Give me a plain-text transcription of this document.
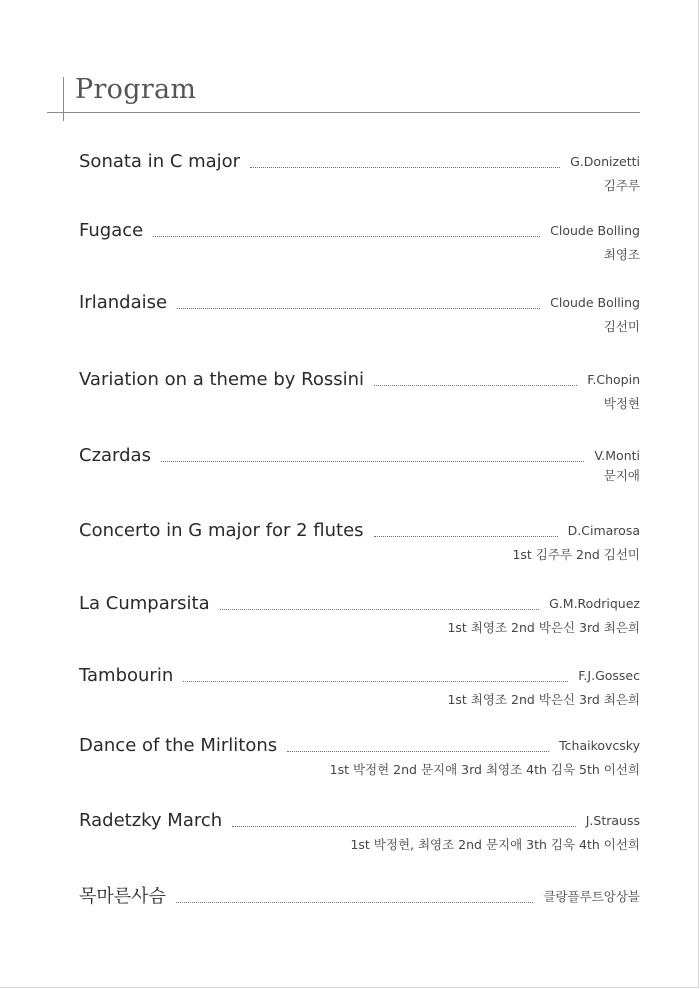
Program
Sonata in C major	G.Donizetti
김주루
Fugace	Cloude Bolling
최영조
Irlandaise	Cloude Bolling
김선미
Variation on a theme by Rossini	F.Chopin
박정현
Czardas	V.Monti
문지애
Concerto in G major for 2 flutes	D.Cimarosa
1st 김주루 2nd 김선미
La Cumparsita	G.M.Rodriquez
1st 최영조 2nd 박은신 3rd 최은희
Tambourin	F.J.Gossec
1st 최영조 2nd 박은신 3rd 최은희
Dance of the Mirlitons	Tchaikovcsky
1st 박정현 2nd 문지애 3rd 최영조 4th 김욱 5th 이선희
Radetzky March	J.Strauss
1st 박정현, 최영조 2nd 문지애 3th 김욱 4th 이선희
목마른사슴	클랑플루트앙상블
